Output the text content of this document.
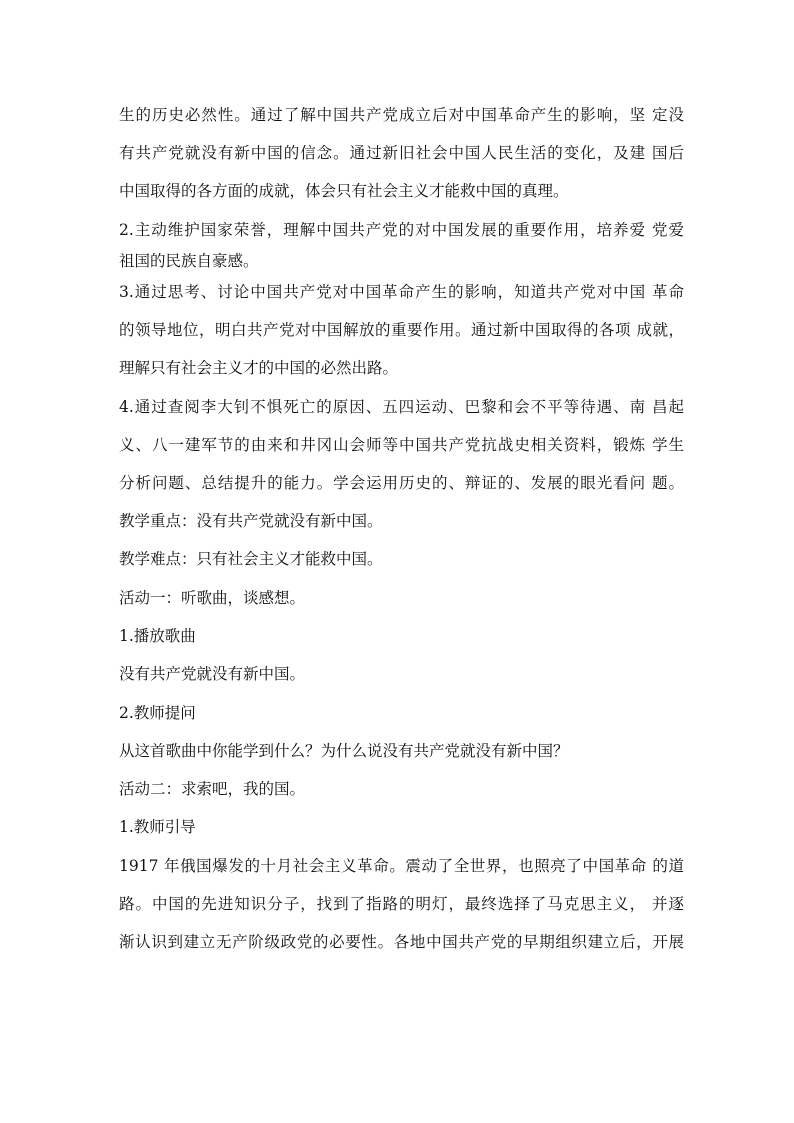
生的历史必然性。通过了解中国共产党成立后对中国革命产生的影响，坚 定没
有共产党就没有新中国的信念。通过新旧社会中国人民生活的变化，及建 国后
中国取得的各方面的成就，体会只有社会主义才能救中国的真理。
2.主动维护国家荣誉，理解中国共产党的对中国发展的重要作用，培养爱 党爱
祖国的民族自豪感。
3.通过思考、讨论中国共产党对中国革命产生的影响，知道共产党对中国 革命
的领导地位，明白共产党对中国解放的重要作用。通过新中国取得的各项 成就，
理解只有社会主义才的中国的必然出路。
4.通过查阅李大钊不惧死亡的原因、五四运动、巴黎和会不平等待遇、南 昌起
义、八一建军节的由来和井冈山会师等中国共产党抗战史相关资料，锻炼 学生
分析问题、总结提升的能力。学会运用历史的、辩证的、发展的眼光看问 题。
教学重点：没有共产党就没有新中国。
教学难点：只有社会主义才能救中国。
活动一：听歌曲，谈感想。
1.播放歌曲
没有共产党就没有新中国。
2.教师提问
从这首歌曲中你能学到什么？为什么说没有共产党就没有新中国？
活动二：求索吧，我的国。
1.教师引导
1917 年俄国爆发的十月社会主义革命。震动了全世界，也照亮了中国革命 的道
路。中国的先进知识分子，找到了指路的明灯，最终选择了马克思主义， 并逐
渐认识到建立无产阶级政党的必要性。各地中国共产党的早期组织建立后，开展
